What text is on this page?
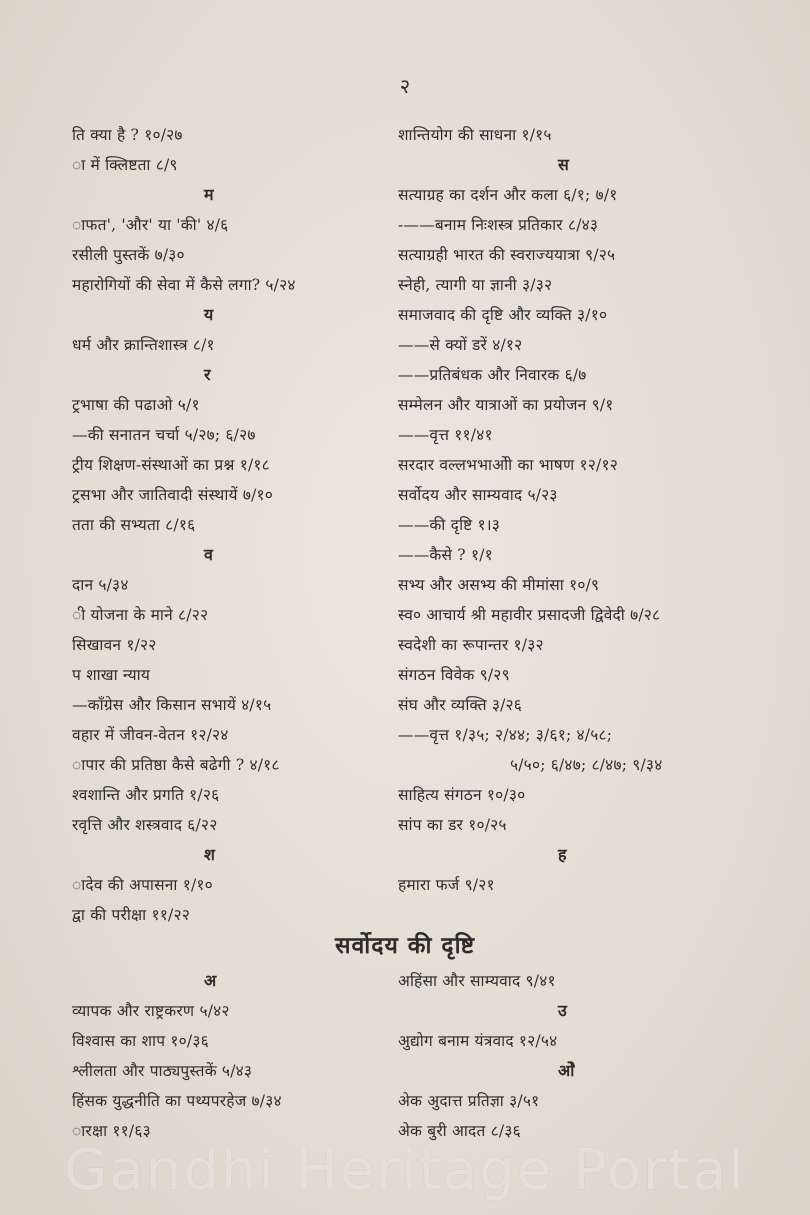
२
ति क्या है ? १०/२७
ा में क्लिष्टता ८/९
म
ाफत', 'और' या 'की' ४/६
रसीली पुस्तकें ७/३०
महारोगियों की सेवा में कैसे लगा? ५/२४
य
धर्म और क्रान्तिशास्त्र ८/१
र
ट्रभाषा की पढाओ ५/१
—की सनातन चर्चा ५/२७; ६/२७
ट्रीय शिक्षण-संस्थाओं का प्रश्न १/१८
ट्रसभा और जातिवादी संस्थायें ७/१०
तता की सभ्यता ८/१६
व
दान ५/३४
ी योजना के माने ८/२२
सिखावन १/२२
प शाखा न्याय
—काँग्रेस और किसान सभायें ४/१५
वहार में जीवन-वेतन १२/२४
ापार की प्रतिष्ठा कैसे बढेगी ? ४/१८
श्वशान्ति और प्रगति १/२६
रवृत्ति और शस्त्रवाद ६/२२
श
ादेव की अपासना १/१०
द्वा की परीक्षा ११/२२
शान्तियोग की साधना १/१५
स
सत्याग्रह का दर्शन और कला ६/१; ७/१
-——बनाम निःशस्त्र प्रतिकार ८/४३
सत्याग्रही भारत की स्वराज्ययात्रा ९/२५
स्नेही, त्यागी या ज्ञानी ३/३२
समाजवाद की दृष्टि और व्यक्ति ३/१०
——से क्यों डरें ४/१२
——प्रतिबंधक और निवारक ६/७
सम्मेलन और यात्राओं का प्रयोजन ९/१
——वृत्त ११/४१
सरदार वल्लभभाओी का भाषण १२/१२
सर्वोदय और साम्यवाद ५/२३
——की दृष्टि १।३
——कैसे ? १/१
सभ्य और असभ्य की मीमांसा १०/९
स्व० आचार्य श्री महावीर प्रसादजी द्विवेदी ७/२८
स्वदेशी का रूपान्तर १/३२
संगठन विवेक ९/२९
संघ और व्यक्ति ३/२६
——वृत्त १/३५; २/४४; ३/६१; ४/५८;
५/५०; ६/४७; ८/४७; ९/३४
साहित्य संगठन १०/३०
सांप का डर १०/२५
ह
हमारा फर्ज ९/२१
सर्वोदय की दृष्टि
अ
व्यापक और राष्ट्रकरण ५/४२
विश्वास का शाप १०/३६
श्लीलता और पाठ्यपुस्तकें ५/४३
हिंसक युद्धनीति का पथ्यपरहेज ७/३४
ारक्षा ११/६३
अहिंसा और साम्यवाद ९/४१
उ
अुद्योग बनाम यंत्रवाद १२/५४
ओे
अेक अुदात्त प्रतिज्ञा ३/५१
अेक बुरी आदत ८/३६
Gandhi Heritage Portal
